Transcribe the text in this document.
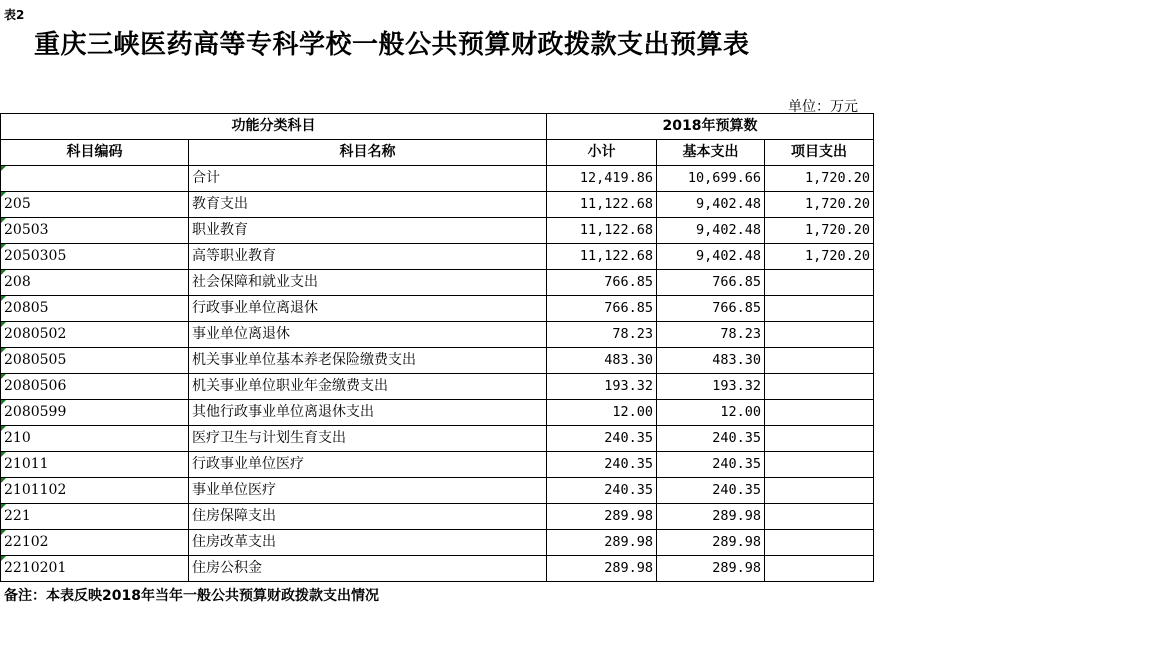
表2
重庆三峡医药高等专科学校一般公共预算财政拨款支出预算表
单位：万元
功能分类科目		2018年预算数		
科目编码	科目名称	小计	基本支出	项目支出

	合计	12,419.86	10,699.66	1,720.20

205	教育支出	11,122.68	9,402.48	1,720.20

20503	职业教育	11,122.68	9,402.48	1,720.20

2050305	高等职业教育	11,122.68	9,402.48	1,720.20

208	社会保障和就业支出	766.85	766.85	

20805	行政事业单位离退休	766.85	766.85	

2080502	事业单位离退休	78.23	78.23	

2080505	机关事业单位基本养老保险缴费支出	483.30	483.30	

2080506	机关事业单位职业年金缴费支出	193.32	193.32	

2080599	其他行政事业单位离退休支出	12.00	12.00	

210	医疗卫生与计划生育支出	240.35	240.35	

21011	行政事业单位医疗	240.35	240.35	

2101102	事业单位医疗	240.35	240.35	

221	住房保障支出	289.98	289.98	

22102	住房改革支出	289.98	289.98	

2210201	住房公积金	289.98	289.98	
备注：本表反映2018年当年一般公共预算财政拨款支出情况
